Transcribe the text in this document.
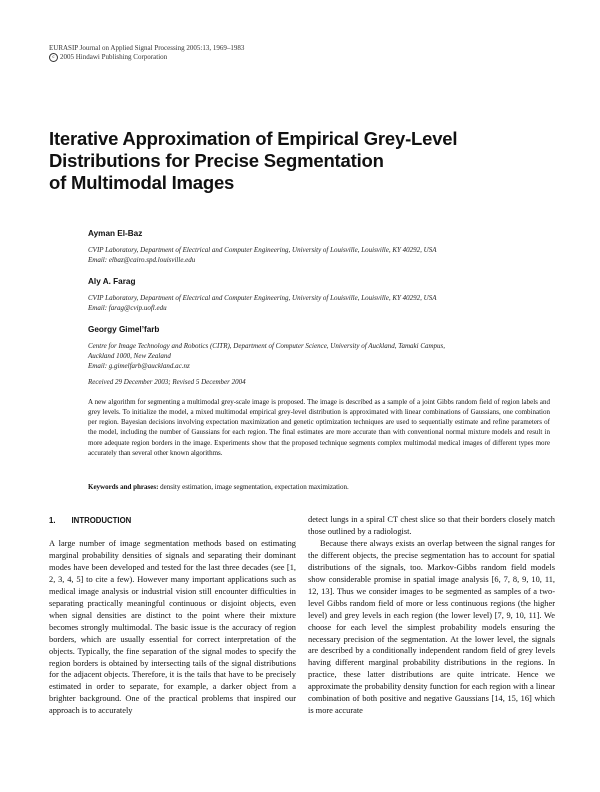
EURASIP Journal on Applied Signal Processing 2005:13, 1969–1983
c 2005 Hindawi Publishing Corporation
Iterative Approximation of Empirical Grey-Level
Distributions for Precise Segmentation
of Multimodal Images
Ayman El-Baz
CVIP Laboratory, Department of Electrical and Computer Engineering, University of Louisville, Louisville, KY 40292, USA
Email: elbaz@cairo.spd.louisville.edu
Aly A. Farag
CVIP Laboratory, Department of Electrical and Computer Engineering, University of Louisville, Louisville, KY 40292, USA
Email: farag@cvip.uofl.edu
Georgy Gimel’farb
Centre for Image Technology and Robotics (CITR), Department of Computer Science, University of Auckland, Tamaki Campus,
Auckland 1000, New Zealand
Email: g.gimelfarb@auckland.ac.nz
Received 29 December 2003; Revised 5 December 2004
A new algorithm for segmenting a multimodal grey-scale image is proposed. The image is described as a sample of a joint Gibbs random field of region labels and grey levels. To initialize the model, a mixed multimodal empirical grey-level distribution is approximated with linear combinations of Gaussians, one combination per region. Bayesian decisions involving expectation maximization and genetic optimization techniques are used to sequentially estimate and refine parameters of the model, including the number of Gaussians for each region. The final estimates are more accurate than with conventional normal mixture models and result in more adequate region borders in the image. Experiments show that the proposed technique segments complex multimodal medical images of different types more accurately than several other known algorithms.
Keywords and phrases: density estimation, image segmentation, expectation maximization.
1. INTRODUCTION

A large number of image segmentation methods based on estimating marginal probability densities of signals and separating their dominant modes have been developed and tested for the last three decades (see [1, 2, 3, 4, 5] to cite a few). However many important applications such as medical image analysis or industrial vision still encounter difficulties in separating practically meaningful continuous or disjoint objects, even when signal densities are distinct to the point where their mixture becomes strongly multimodal. The basic issue is the accuracy of region borders, which are usually essential for correct interpretation of the objects. Typically, the fine separation of the signal modes to specify the region borders is obtained by intersecting tails of the signal distributions for the adjacent objects. Therefore, it is the tails that have to be precisely estimated in order to separate, for example, a darker object from a brighter background. One of the practical problems that inspired our approach is to accurately

detect lungs in a spiral CT chest slice so that their borders closely match those outlined by a radiologist.

Because there always exists an overlap between the signal ranges for the different objects, the precise segmentation has to account for spatial distributions of the signals, too. Markov-Gibbs random field models show considerable promise in spatial image analysis [6, 7, 8, 9, 10, 11, 12, 13]. Thus we consider images to be segmented as samples of a two-level Gibbs random field of more or less continuous regions (the higher level) and grey levels in each region (the lower level) [7, 9, 10, 11]. We choose for each level the simplest probability models ensuring the necessary precision of the segmentation. At the lower level, the signals are described by a conditionally independent random field of grey levels having different marginal probability distributions in the regions. In practice, these latter distributions are quite intricate. Hence we approximate the probability density function for each region with a linear combination of both positive and negative Gaussians [14, 15, 16] which is more accurate
